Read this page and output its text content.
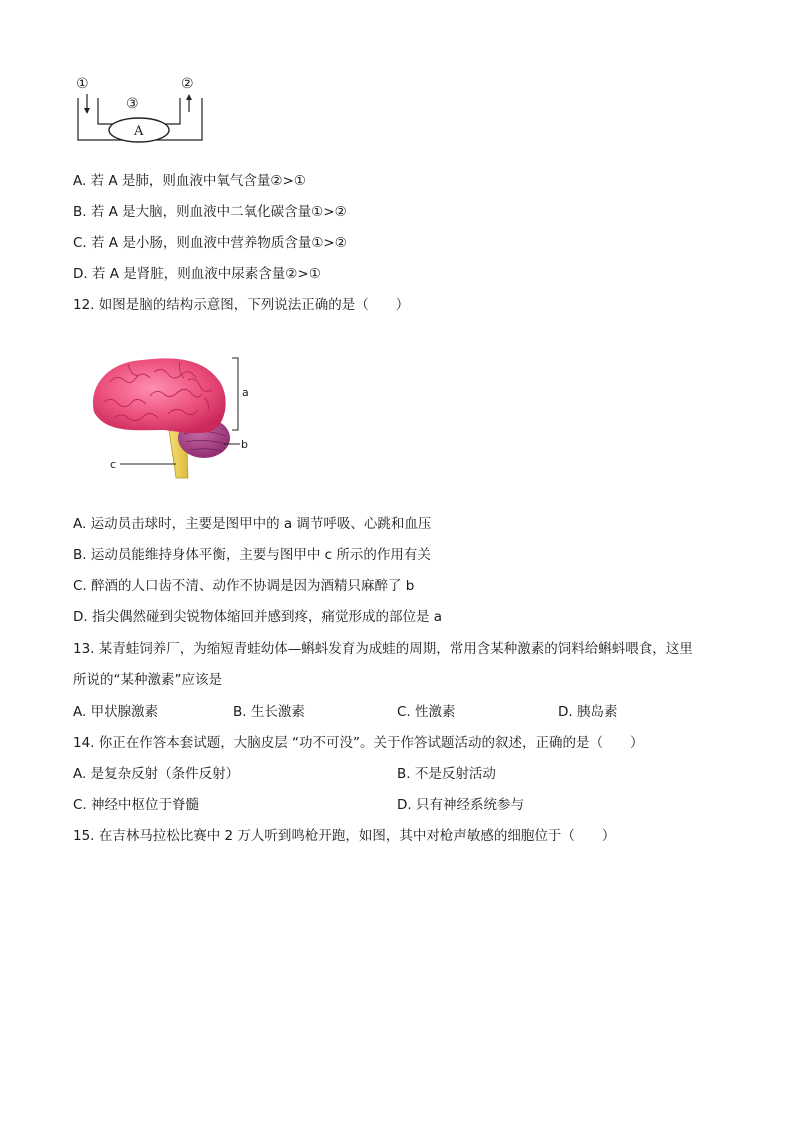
①	②
③
A
A. 若 A 是肺，则血液中氧气含量②>①
B. 若 A 是大脑，则血液中二氧化碳含量①>②
C. 若 A 是小肠，则血液中营养物质含量①>②
D. 若 A 是肾脏，则血液中尿素含量②>①
12. 如图是脑的结构示意图，下列说法正确的是（　　）
a
b
c
A. 运动员击球时，主要是图甲中的 a 调节呼吸、心跳和血压
B. 运动员能维持身体平衡，主要与图甲中 c 所示的作用有关
C. 醉酒的人口齿不清、动作不协调是因为酒精只麻醉了 b
D. 指尖偶然碰到尖锐物体缩回并感到疼，痛觉形成的部位是 a
13. 某青蛙饲养厂，为缩短青蛙幼体—蝌蚪发育为成蛙的周期，常用含某种激素的饲料给蝌蚪喂食，这里
所说的“某种激素”应该是
A. 甲状腺激素	B. 生长激素	C. 性激素	D. 胰岛素
14. 你正在作答本套试题，大脑皮层 “功不可没”。关于作答试题活动的叙述，正确的是（　　）
A. 是复杂反射（条件反射）	B. 不是反射活动
C. 神经中枢位于脊髓	D. 只有神经系统参与
15. 在吉林马拉松比赛中 2 万人听到鸣枪开跑，如图，其中对枪声敏感的细胞位于（　　）
